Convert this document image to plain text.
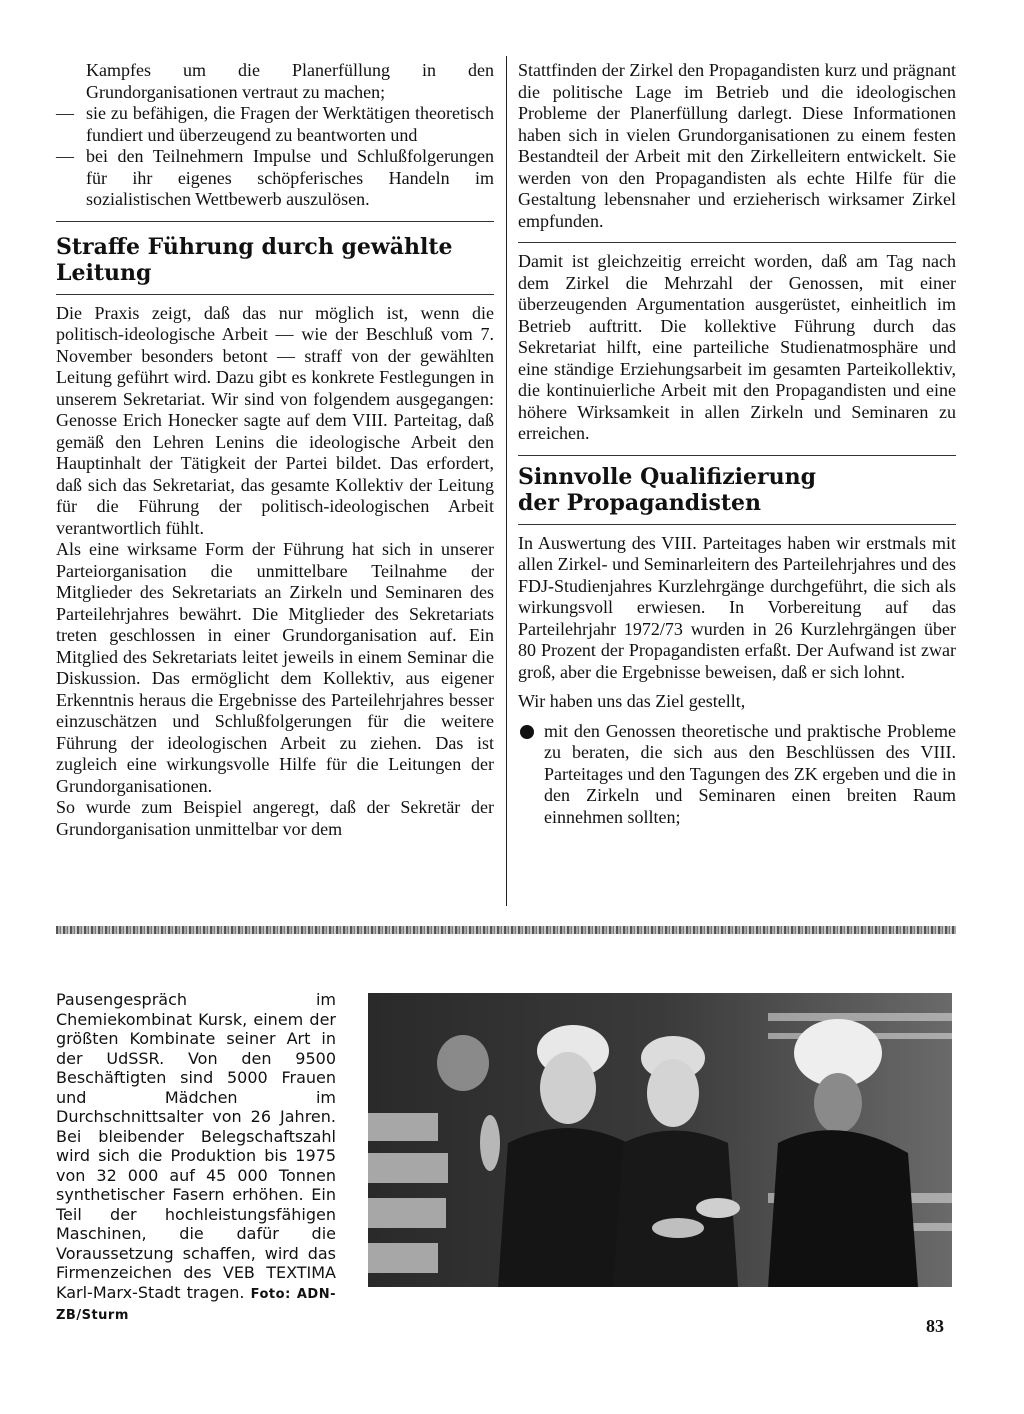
Kampfes um die Planerfüllung in den Grundorganisationen vertraut zu machen;

— sie zu befähigen, die Fragen der Werktätigen theoretisch fundiert und überzeugend zu beantworten und
— bei den Teilnehmern Impulse und Schlußfolgerungen für ihr eigenes schöpferisches Handeln im sozialistischen Wettbewerb auszulösen.
Straffe Führung durch gewählte Leitung

Die Praxis zeigt, daß das nur möglich ist, wenn die politisch-ideologische Arbeit — wie der Beschluß vom 7. November besonders betont — straff von der gewählten Leitung geführt wird. Dazu gibt es konkrete Festlegungen in unserem Sekretariat. Wir sind von folgendem ausgegangen: Genosse Erich Honecker sagte auf dem VIII. Parteitag, daß gemäß den Lehren Lenins die ideologische Arbeit den Hauptinhalt der Tätigkeit der Partei bildet. Das erfordert, daß sich das Sekretariat, das gesamte Kollektiv der Leitung für die Führung der politisch-ideologischen Arbeit verantwortlich fühlt.

Als eine wirksame Form der Führung hat sich in unserer Parteiorganisation die unmittelbare Teilnahme der Mitglieder des Sekretariats an Zirkeln und Seminaren des Parteilehrjahres bewährt. Die Mitglieder des Sekretariats treten geschlossen in einer Grundorganisation auf. Ein Mitglied des Sekretariats leitet jeweils in einem Seminar die Diskussion. Das ermöglicht dem Kollektiv, aus eigener Erkenntnis heraus die Ergebnisse des Parteilehrjahres besser einzuschätzen und Schlußfolgerungen für die weitere Führung der ideologischen Arbeit zu ziehen. Das ist zugleich eine wirkungsvolle Hilfe für die Leitungen der Grundorganisationen.

So wurde zum Beispiel angeregt, daß der Sekretär der Grundorganisation unmittelbar vor dem

Stattfinden der Zirkel den Propagandisten kurz und prägnant die politische Lage im Betrieb und die ideologischen Probleme der Planerfüllung darlegt. Diese Informationen haben sich in vielen Grundorganisationen zu einem festen Bestandteil der Arbeit mit den Zirkelleitern entwickelt. Sie werden von den Propagandisten als echte Hilfe für die Gestaltung lebensnaher und erzieherisch wirksamer Zirkel empfunden.

Damit ist gleichzeitig erreicht worden, daß am Tag nach dem Zirkel die Mehrzahl der Genossen, mit einer überzeugenden Argumentation ausgerüstet, einheitlich im Betrieb auftritt. Die kollektive Führung durch das Sekretariat hilft, eine parteiliche Studienatmosphäre und eine ständige Erziehungsarbeit im gesamten Parteikollektiv, die kontinuierliche Arbeit mit den Propagandisten und eine höhere Wirksamkeit in allen Zirkeln und Seminaren zu erreichen.

Sinnvolle Qualifizierung
der Propagandisten

In Auswertung des VIII. Parteitages haben wir erstmals mit allen Zirkel- und Seminarleitern des Parteilehrjahres und des FDJ-Studienjahres Kurzlehrgänge durchgeführt, die sich als wirkungsvoll erwiesen. In Vorbereitung auf das Parteilehrjahr 1972/73 wurden in 26 Kurzlehrgängen über 80 Prozent der Propagandisten erfaßt. Der Aufwand ist zwar groß, aber die Ergebnisse beweisen, daß er sich lohnt.

Wir haben uns das Ziel gestellt,

mit den Genossen theoretische und praktische Probleme zu beraten, die sich aus den Beschlüssen des VIII. Parteitages und den Tagungen des ZK ergeben und die in den Zirkeln und Seminaren einen breiten Raum einnehmen sollten;
Pausengespräch im Chemiekombinat Kursk, einem der größten Kombinate seiner Art in der UdSSR. Von den 9500 Beschäftigten sind 5000 Frauen und Mädchen im Durchschnittsalter von 26 Jahren. Bei bleibender Belegschaftszahl wird sich die Produktion bis 1975 von 32 000 auf 45 000 Tonnen synthetischer Fasern erhöhen. Ein Teil der hochleistungsfähigen Maschinen, die dafür die Voraussetzung schaffen, wird das Firmenzeichen des VEB TEXTIMA Karl-Marx-Stadt tragen. Foto: ADN-ZB/Sturm
83
